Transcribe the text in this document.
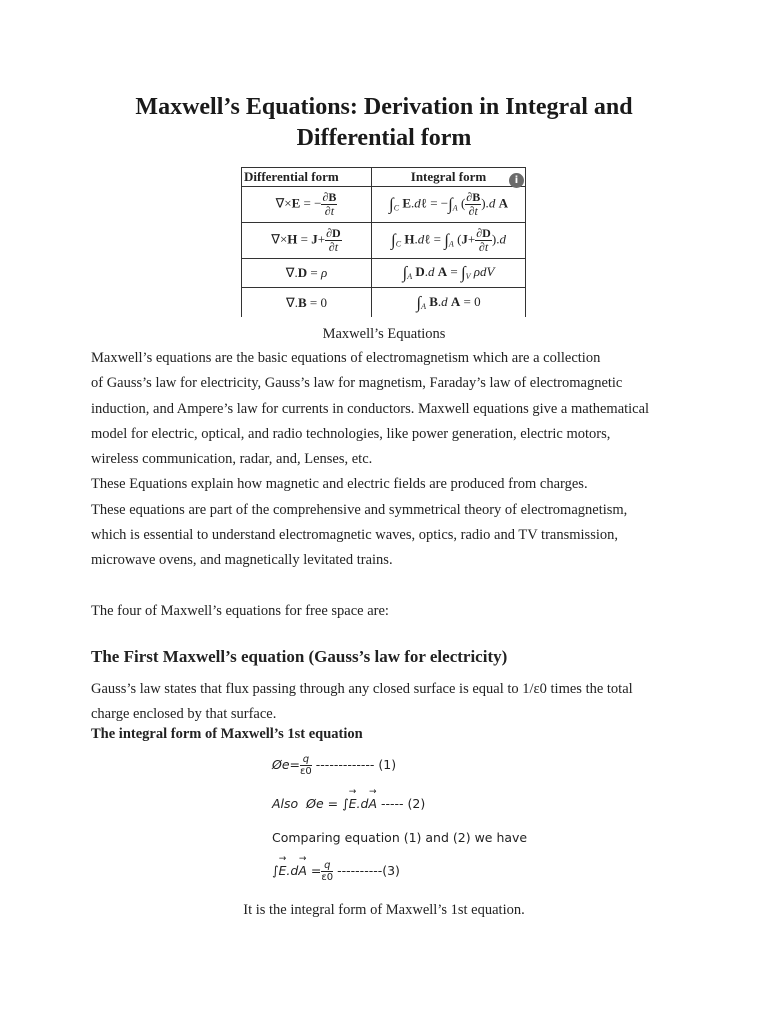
Maxwell’s Equations: Derivation in Integral and
Differential form
Differential form	Integral form
∇×E = − $\frac{\partial B}{\partial t}$	$\int_C$ E.dℓ = $-\int_A$ ( $\frac{\partial B}{\partial t} ).d$ A
$\nabla\times H = J+ \frac{\partial D}{\partial t}$	$\int_C$ H.dℓ = $\int_A$ $(J+ \frac{\partial D}{\partial t} ).d$
∇.D = ρ	$\int_A$ D.d $A = \int_V$ ρdV
∇.B = 0	$\int_A$ B.d A = 0
i
Maxwell’s Equations
Maxwell’s equations are the basic equations of electromagnetism which are a collection
of Gauss’s law for electricity, Gauss’s law for magnetism, Faraday’s law of electromagnetic
induction, and Ampere’s law for currents in conductors. Maxwell equations give a mathematical
model for electric, optical, and radio technologies, like power generation, electric motors,
wireless communication, radar, and, Lenses, etc.
These Equations explain how magnetic and electric fields are produced from charges.
These equations are part of the comprehensive and symmetrical theory of electromagnetism,
which is essential to understand electromagnetic waves, optics, radio and TV transmission,
microwave ovens, and magnetically levitated trains.
The four of Maxwell’s equations for free space are:
The First Maxwell’s equation (Gauss’s law for electricity)
Gauss’s law states that flux passing through any closed surface is equal to 1/ε0 times the total
charge enclosed by that surface.
The integral form of Maxwell’s 1st equation
Øe= $\frac{q}{\varepsilon 0}$ ------------- (1)
Also Øe = ∫→ E.d→ A ----- (2)
Comparing equation (1) and (2) we have
∫→ $E.d\to A = \frac{q}{\varepsilon 0} ----------(3)$
It is the integral form of Maxwell’s 1st equation.
